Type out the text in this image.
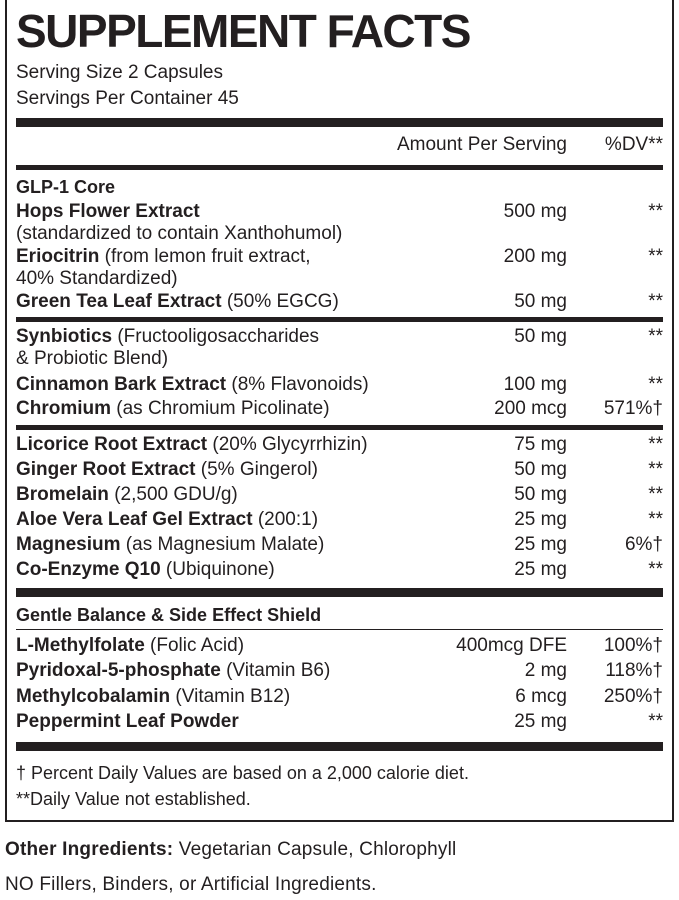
SUPPLEMENT FACTS
Serving Size 2 Capsules
Servings Per Container 45
Amount Per Serving %DV**
GLP-1 Core
Hops Flower Extract
(standardized to contain Xanthohumol)
500 mg	**
Eriocitrin (from lemon fruit extract,
40% Standardized)
200 mg	**
Green Tea Leaf Extract (50% EGCG)	50 mg	**
Synbiotics (Fructooligosaccharides
& Probiotic Blend)
50 mg	**
Cinnamon Bark Extract (8% Flavonoids)	100 mg	**
Chromium (as Chromium Picolinate)	200 mcg 571%†
Licorice Root Extract (20% Glycyrrhizin)	75 mg	**
Ginger Root Extract (5% Gingerol)	50 mg	**
Bromelain (2,500 GDU/g)	50 mg	**
Aloe Vera Leaf Gel Extract (200:1)	25 mg	**
Magnesium (as Magnesium Malate)	25 mg	6%†
Co-Enzyme Q10 (Ubiquinone)	25 mg	**
Gentle Balance & Side Effect Shield
L-Methylfolate (Folic Acid)	400mcg DFE 100%†
Pyridoxal-5-phosphate (Vitamin B6)	2 mg 118%†
Methylcobalamin (Vitamin B12)	6 mcg 250%†
Peppermint Leaf Powder	25 mg	**
† Percent Daily Values are based on a 2,000 calorie diet.
**Daily Value not established.
Other Ingredients: Vegetarian Capsule, Chlorophyll
NO Fillers, Binders, or Artificial Ingredients.
